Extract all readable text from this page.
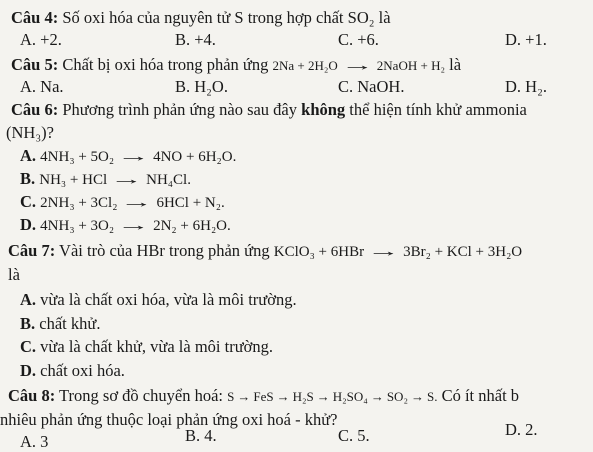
Câu 4: Số oxi hóa của nguyên tử S trong hợp chất SO₂ là
A. +2.	B. +4.	C. +6.	D. +1.
Câu 5: Chất bị oxi hóa trong phản ứng 2Na + 2H₂O → 2NaOH + H₂ là
A. Na.	B. H₂O.	C. NaOH.	D. H₂.
Câu 6: Phương trình phản ứng nào sau đây không thể hiện tính khử ammonia
(NH₃)?
A. 4NH₃ + 5O₂ → 4NO + 6H₂O.
B. NH₃ + HCl → NH₄Cl.
C. 2NH₃ + 3Cl₂ → 6HCl + N₂.
D. 4NH₃ + 3O₂ → 2N₂ + 6H₂O.
Câu 7: Vài trò của HBr trong phản ứng KClO₃ + 6HBr → 3Br₂ + KCl + 3H₂O
là
A. vừa là chất oxi hóa, vừa là môi trường.
B. chất khử.
C. vừa là chất khử, vừa là môi trường.
D. chất oxi hóa.
Câu 8: Trong sơ đồ chuyển hoá: S → FeS → H₂S → H₂SO₄ → SO₂ → S. Có ít nhất b
nhiêu phản ứng thuộc loại phản ứng oxi hoá - khử?
A. 3	B. 4.	C. 5.	D. 2.
